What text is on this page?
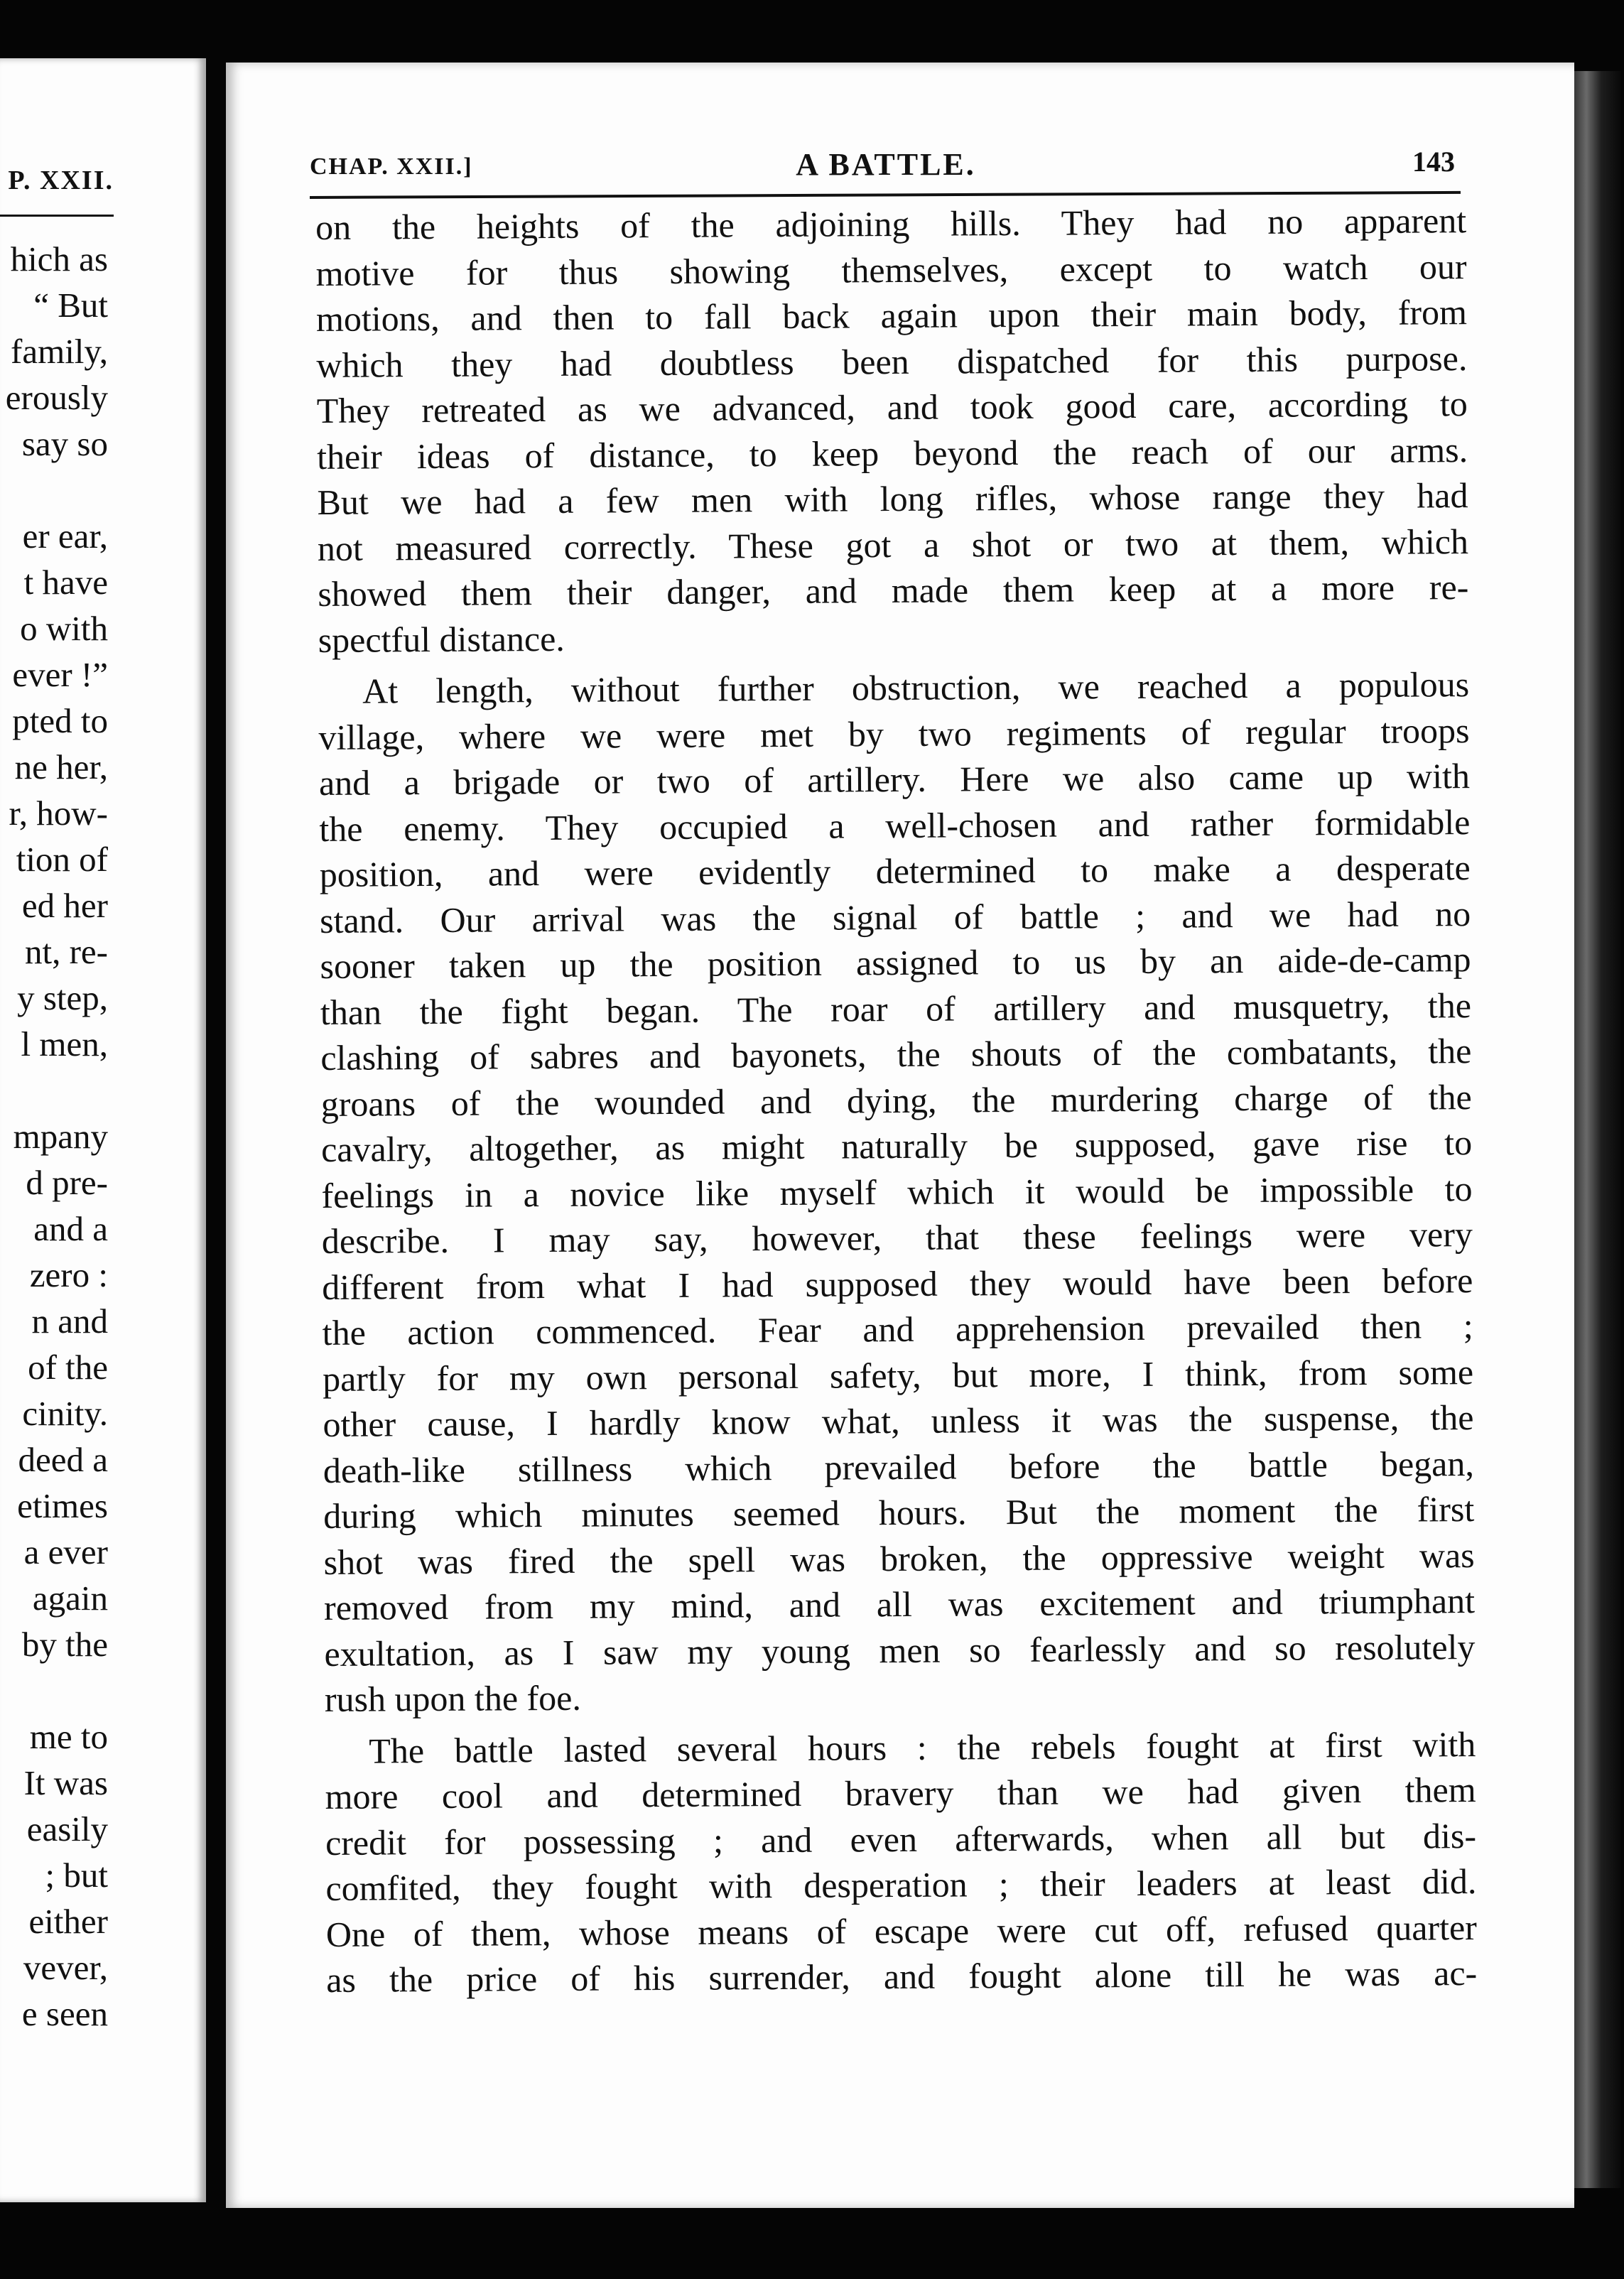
P. XXII.
hich as
“ But
family,
erously
say so
er ear,
t have
o with
ever !”
pted to
ne her,
r, how-
tion of
ed her
nt, re-
y step,
l men,
mpany
d pre-
and a
zero :
n and
of the
cinity.
deed a
etimes
a ever
again
by the
me to
It was
easily
; but
either
vever,
e seen
CHAP. XXII.]	A BATTLE.	143
on the heights of the adjoining hills. They had no apparent
motive for thus showing themselves, except to watch our
motions, and then to fall back again upon their main body, from
which they had doubtless been dispatched for this purpose.
They retreated as we advanced, and took good care, according to
their ideas of distance, to keep beyond the reach of our arms.
But we had a few men with long rifles, whose range they had
not measured correctly. These got a shot or two at them, which
showed them their danger, and made them keep at a more re-
spectful distance.
At length, without further obstruction, we reached a populous
village, where we were met by two regiments of regular troops
and a brigade or two of artillery. Here we also came up with
the enemy. They occupied a well-chosen and rather formidable
position, and were evidently determined to make a desperate
stand. Our arrival was the signal of battle ; and we had no
sooner taken up the position assigned to us by an aide-de-camp
than the fight began. The roar of artillery and musquetry, the
clashing of sabres and bayonets, the shouts of the combatants, the
groans of the wounded and dying, the murdering charge of the
cavalry, altogether, as might naturally be supposed, gave rise to
feelings in a novice like myself which it would be impossible to
describe. I may say, however, that these feelings were very
different from what I had supposed they would have been before
the action commenced. Fear and apprehension prevailed then ;
partly for my own personal safety, but more, I think, from some
other cause, I hardly know what, unless it was the suspense, the
death-like stillness which prevailed before the battle began,
during which minutes seemed hours. But the moment the first
shot was fired the spell was broken, the oppressive weight was
removed from my mind, and all was excitement and triumphant
exultation, as I saw my young men so fearlessly and so resolutely
rush upon the foe.
The battle lasted several hours : the rebels fought at first with
more cool and determined bravery than we had given them
credit for possessing ; and even afterwards, when all but dis-
comfited, they fought with desperation ; their leaders at least did.
One of them, whose means of escape were cut off, refused quarter
as the price of his surrender, and fought alone till he was ac-
